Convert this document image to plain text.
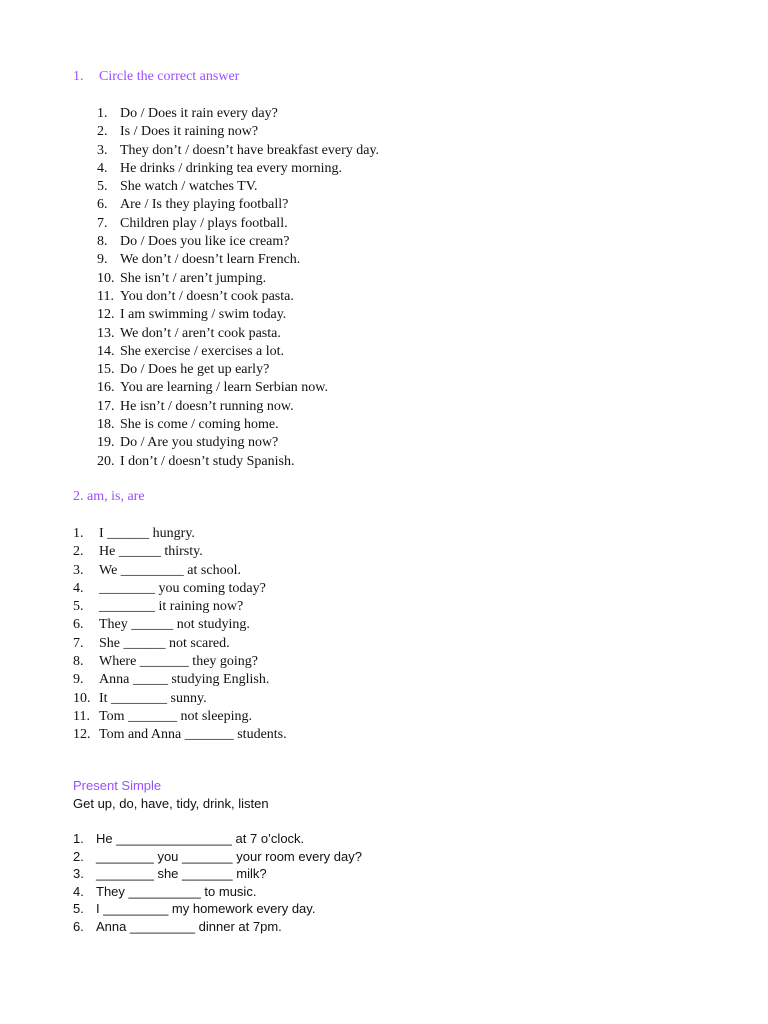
1. Circle the correct answer
1. Do / Does it rain every day?
2. Is / Does it raining now?
3. They don’t / doesn’t have breakfast every day.
4. He drinks / drinking tea every morning.
5. She watch / watches TV.
6. Are / Is they playing football?
7. Children play / plays football.
8. Do / Does you like ice cream?
9. We don’t / doesn’t learn French.
10. She isn’t / aren’t jumping.
11. You don’t / doesn’t cook pasta.
12. I am swimming / swim today.
13. We don’t / aren’t cook pasta.
14. She exercise / exercises a lot.
15. Do / Does he get up early?
16. You are learning / learn Serbian now.
17. He isn’t / doesn’t running now.
18. She is come / coming home.
19. Do / Are you studying now?
20. I don’t / doesn’t study Spanish.
2. am, is, are
1. I ______ hungry.
2. He ______ thirsty.
3. We _________ at school.
4. ________ you coming today?
5. ________ it raining now?
6. They ______ not studying.
7. She ______ not scared.
8. Where _______ they going?
9. Anna _____ studying English.
10. It ________ sunny.
11. Tom _______ not sleeping.
12. Tom and Anna _______ students.
Present Simple
Get up, do, have, tidy, drink, listen
1. He ________________ at 7 o’clock.
2. ________ you _______ your room every day?
3. ________ she _______ milk?
4. They __________ to music.
5. I _________ my homework every day.
6. Anna _________ dinner at 7pm.
